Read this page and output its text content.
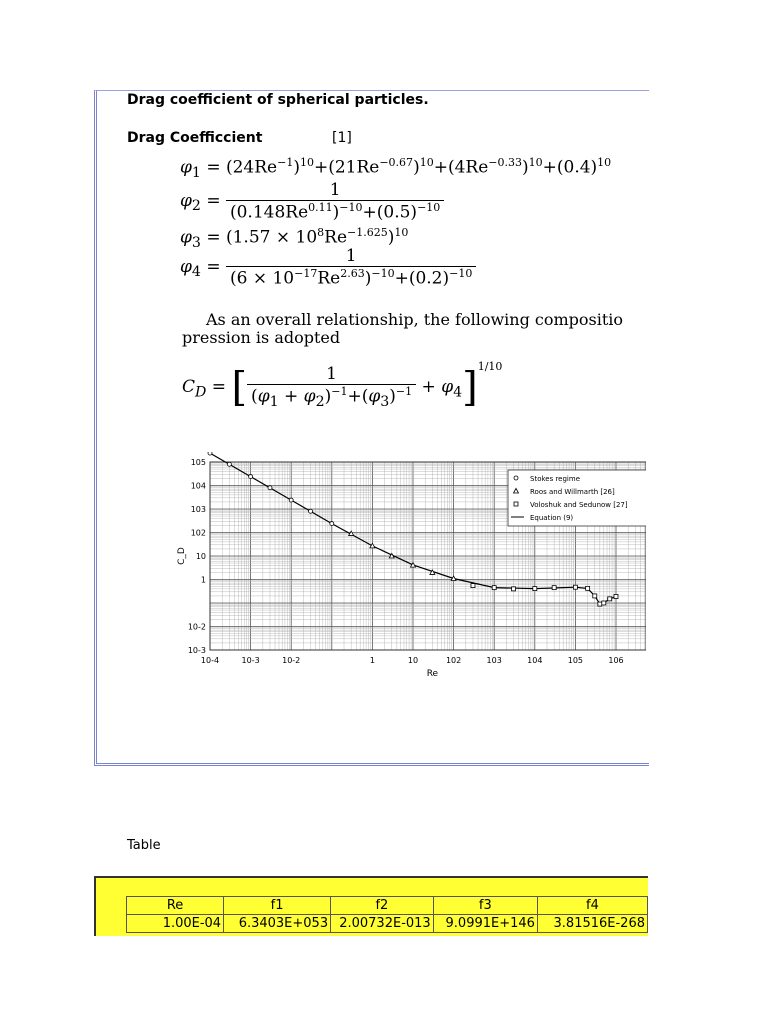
Drag coefficient of spherical particles.
Drag Coefficcient	[1]
$\varphi_1 = (24Re^{-1})^{10}+(21Re^{-0.67})^{10}+(4Re^{-0.33})^{10}+(0.4)^{10}$
$\varphi_2 = \frac{1}{(0.148Re^{0.11})^{-10}+(0.5)^{-10}}$
$\varphi_3 = (1.57 \times 10^8Re^{-1.625})^{10}$
$\varphi_4 = \frac{1}{(6 \times 10^{-17}Re^{2.63})^{-10}+(0.2)^{-10}}$
As an overall relationship, the following compositio
pression is adopted
$C_D$ = [ $\frac{1}{(\varphi_1 + \varphi_2)^{-1}+(\varphi_3)^{-1}} + \varphi_4]^{1/10}$
10-4	10-3	10-2	1	10	102	103	104	105	106
10-3
10-2
1
10
102
103
104
105
Re
C_D
Stokes regime
Roos and Willmarth [26]
Voloshuk and Sedunow [27]
Equation (9)
Table
Re	f1	f2	f3	f4
1.00E-04	6.3403E+053	2.00732E-013	9.0991E+146	3.81516E-268
